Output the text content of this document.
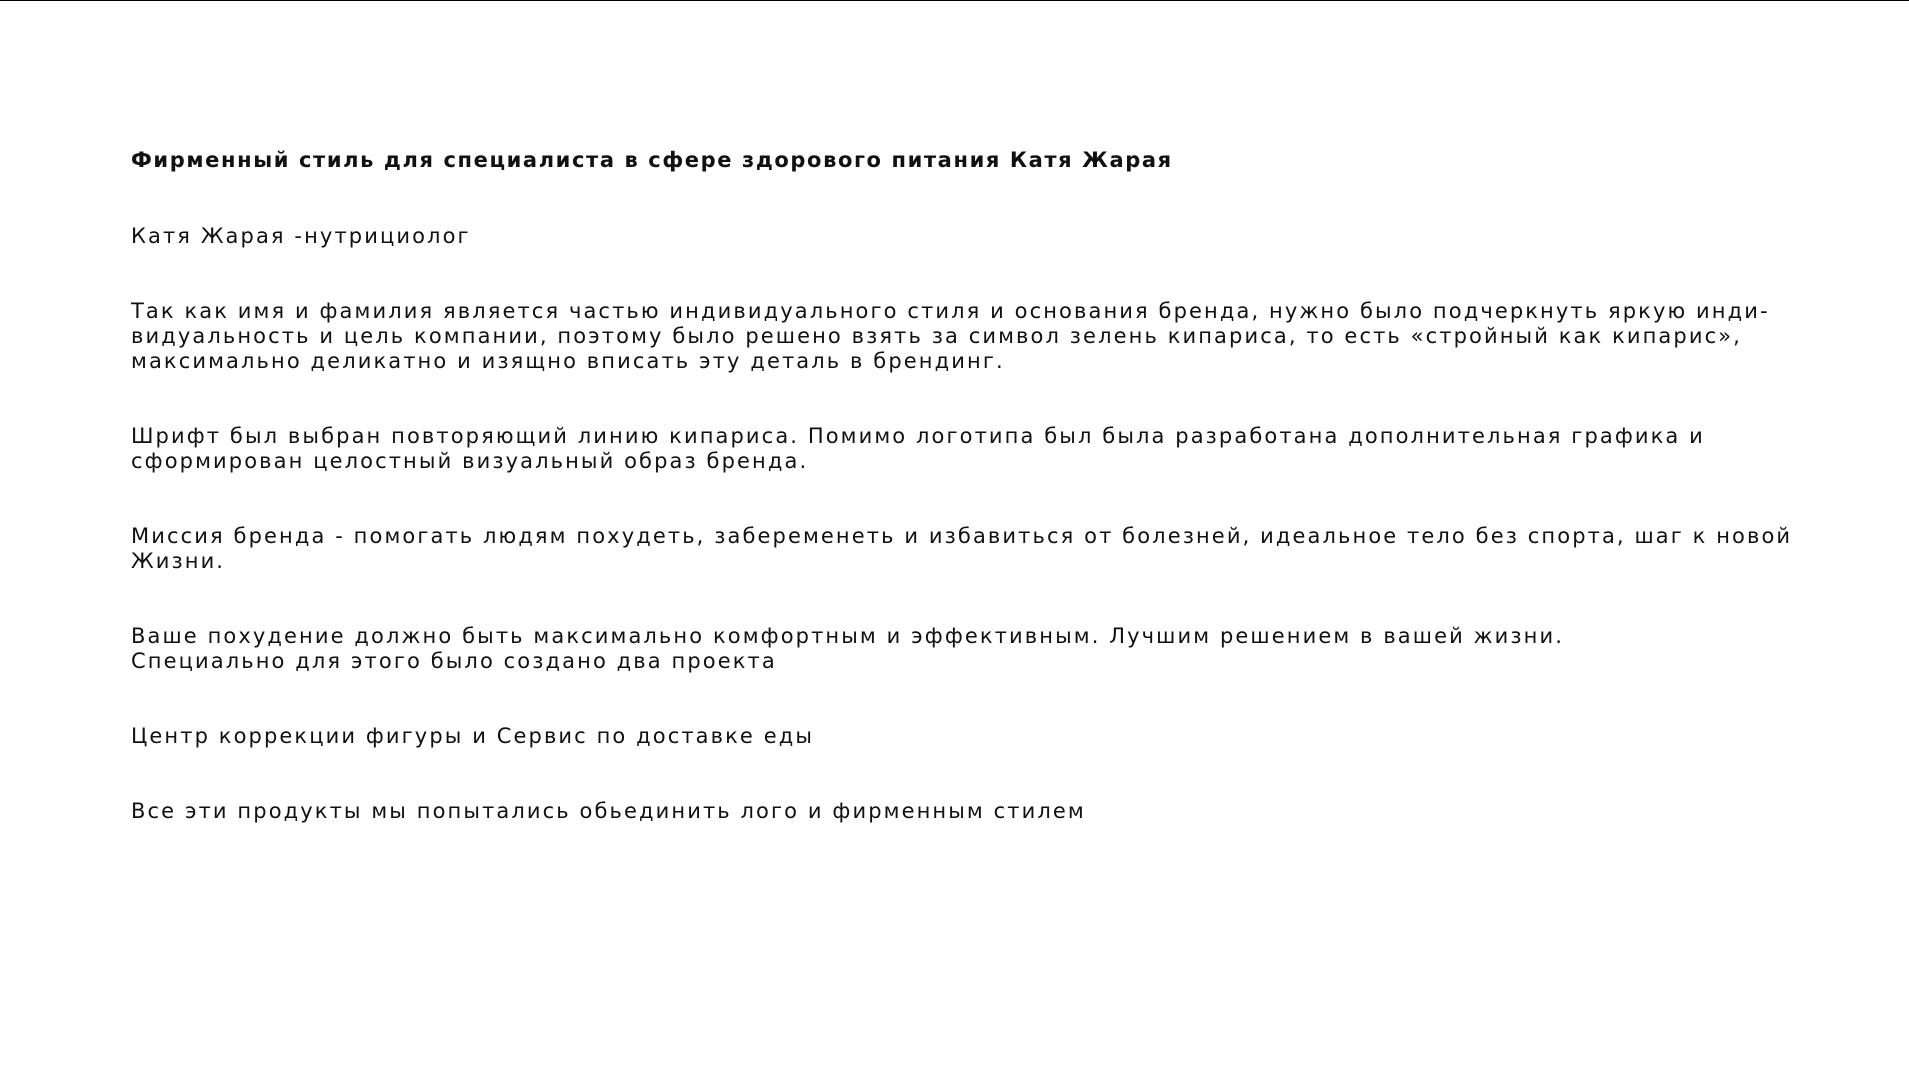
Фирменный стиль для специалиста в сфере здорового питания Катя Жарая
Катя Жарая -нутрициолог
Так как имя и фамилия является частью индивидуального стиля и основания бренда, нужно было подчеркнуть яркую инди-
видуальность и цель компании, поэтому было решено взять за символ зелень кипариса, то есть «стройный как кипарис»,
максимально деликатно и изящно вписать эту деталь в брендинг.
Шрифт был выбран повторяющий линию кипариса. Помимо логотипа был была разработана дополнительная графика и
сформирован целостный визуальный образ бренда.
Миссия бренда - помогать людям похудеть, забеременеть и избавиться от болезней, идеальное тело без спорта, шаг к новой
Жизни.
Ваше похудение должно быть максимально комфортным и эффективным. Лучшим решением в вашей жизни.
Специально для этого было создано два проекта
Центр коррекции фигуры и Сервис по доставке еды
Все эти продукты мы попытались обьединить лого и фирменным стилем
